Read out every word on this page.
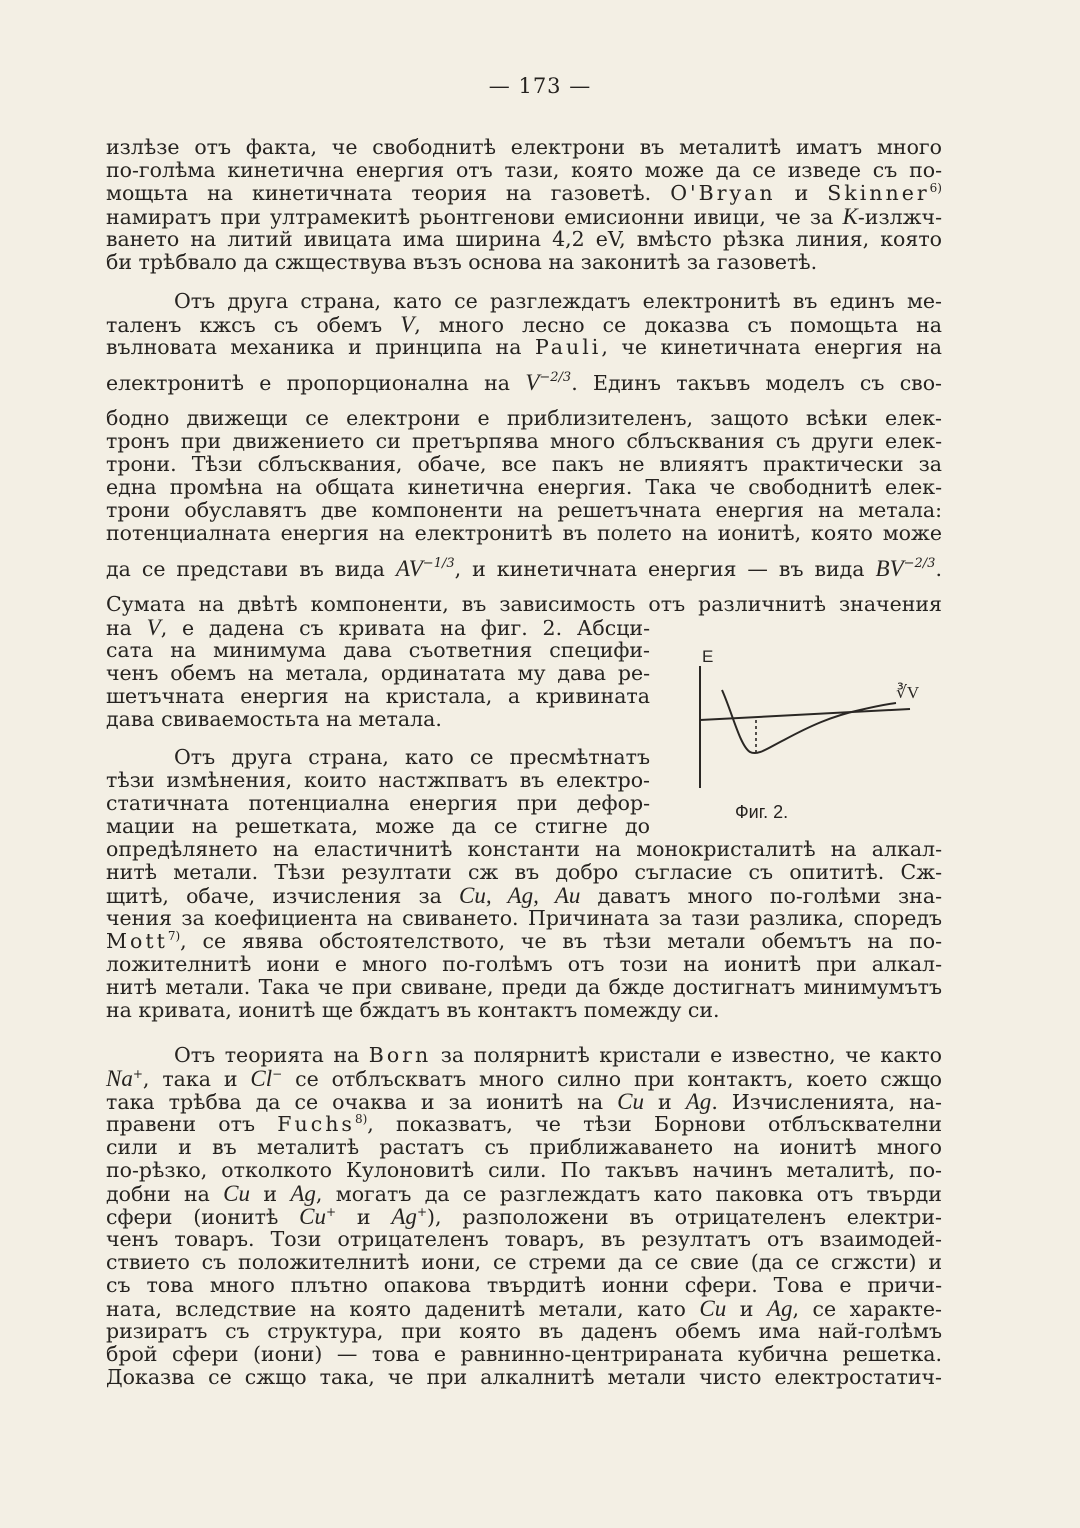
— 173 —
излѣзе отъ факта, че свободнитѣ електрони въ металитѣ иматъ много
по-голѣма кинетична енергия отъ тази, която може да се изведе съ по-
мощьта на кинетичната теория на газоветѣ. O'Bryan и Skinner$^{6)}$
намиратъ при ултрамекитѣ рьонтгенови емисионни ивици, че за K-излжч-
ването на литий ивицата има ширина 4,2 eV, вмѣсто рѣзка линия, която
би трѣбвало да сжществува възъ основа на законитѣ за газоветѣ.
Отъ друга страна, като се разглеждатъ електронитѣ въ единъ ме-
таленъ кжсъ съ обемъ V, много лесно се доказва съ помощьта на
вълновата механика и принципа на Pauli, че кинетичната енергия на
електронитѣ е пропорционална на $V^{-2/3}$. Единъ такъвъ моделъ съ сво-
бодно движещи се електрони е приблизителенъ, защото всѣки елек-
тронъ при движението си претърпява много сблъсквания съ други елек-
трони. Тѣзи сблъсквания, обаче, все пакъ не влияятъ практически за
една промѣна на общата кинетична енергия. Така че свободнитѣ елек-
трони обуславятъ две компоненти на решетъчната енергия на метала:
потенциалната енергия на електронитѣ въ полето на ионитѣ, която може
да се представи въ вида $AV^{-1/3}$, и кинетичната енергия — въ вида $BV^{-2/3}$.
Сумата на двѣтѣ компоненти, въ зависимость отъ различнитѣ значения
на V, е дадена съ кривата на фиг. 2. Абсци-
сата на минимума дава съответния специфи-
ченъ обемъ на метала, ординатата му дава ре-
шетъчната енергия на кристала, а кривината
дава свиваемостьта на метала.
Отъ друга страна, като се пресмѣтнатъ
тѣзи измѣнения, които настжпватъ въ електро-
статичната потенциална енергия при дефор-
мации на решетката, може да се стигне до
опредѣлянето на еластичнитѣ константи на монокристалитѣ на алкал-
нитѣ метали. Тѣзи резултати сж въ добро съгласие съ опититѣ. Сж-
щитѣ, обаче, изчисления за Cu, Ag, Au даватъ много по-голѣми зна-
чения за коефициента на свиването. Причината за тази разлика, споредъ
Mott$^{7)}$, се явява обстоятелството, че въ тѣзи метали обемътъ на по-
ложителнитѣ иони е много по-голѣмъ отъ този на ионитѣ при алкал-
нитѣ метали. Така че при свиване, преди да бжде достигнатъ минимумътъ
на кривата, ионитѣ ще бждатъ въ контактъ помежду си.
Отъ теорията на Born за полярнитѣ кристали е известно, че както
Na+, така и Cl− се отблъскватъ много силно при контактъ, което сжщо
така трѣбва да се очаква и за ионитѣ на Cu и Ag. Изчисленията, на-
правени отъ Fuchs$^{8)}$, показватъ, че тѣзи Борнови отблъсквателни
сили и въ металитѣ растатъ съ приближаването на ионитѣ много
по-рѣзко, отколкото Кулоновитѣ сили. По такъвъ начинъ металитѣ, по-
добни на Cu и Ag, могатъ да се разглеждатъ като паковка отъ твърди
сфери (ионитѣ Cu+ и Ag+), разположени въ отрицателенъ електри-
ченъ товаръ. Този отрицателенъ товаръ, въ резултатъ отъ взаимодей-
ствието съ положителнитѣ иони, се стреми да се свие (да се сгжсти) и
съ това много плътно опакова твърдитѣ ионни сфери. Това е причи-
ната, вследствие на която даденитѣ метали, като Cu и Ag, се характе-
ризиратъ съ структура, при която въ даденъ обемъ има най-голѣмъ
брой сфери (иони) — това е равнинно-центрираната кубична решетка.
Доказва се сжщо така, че при алкалнитѣ метали чисто електростатич-
E
∛V
Фиг. 2.
